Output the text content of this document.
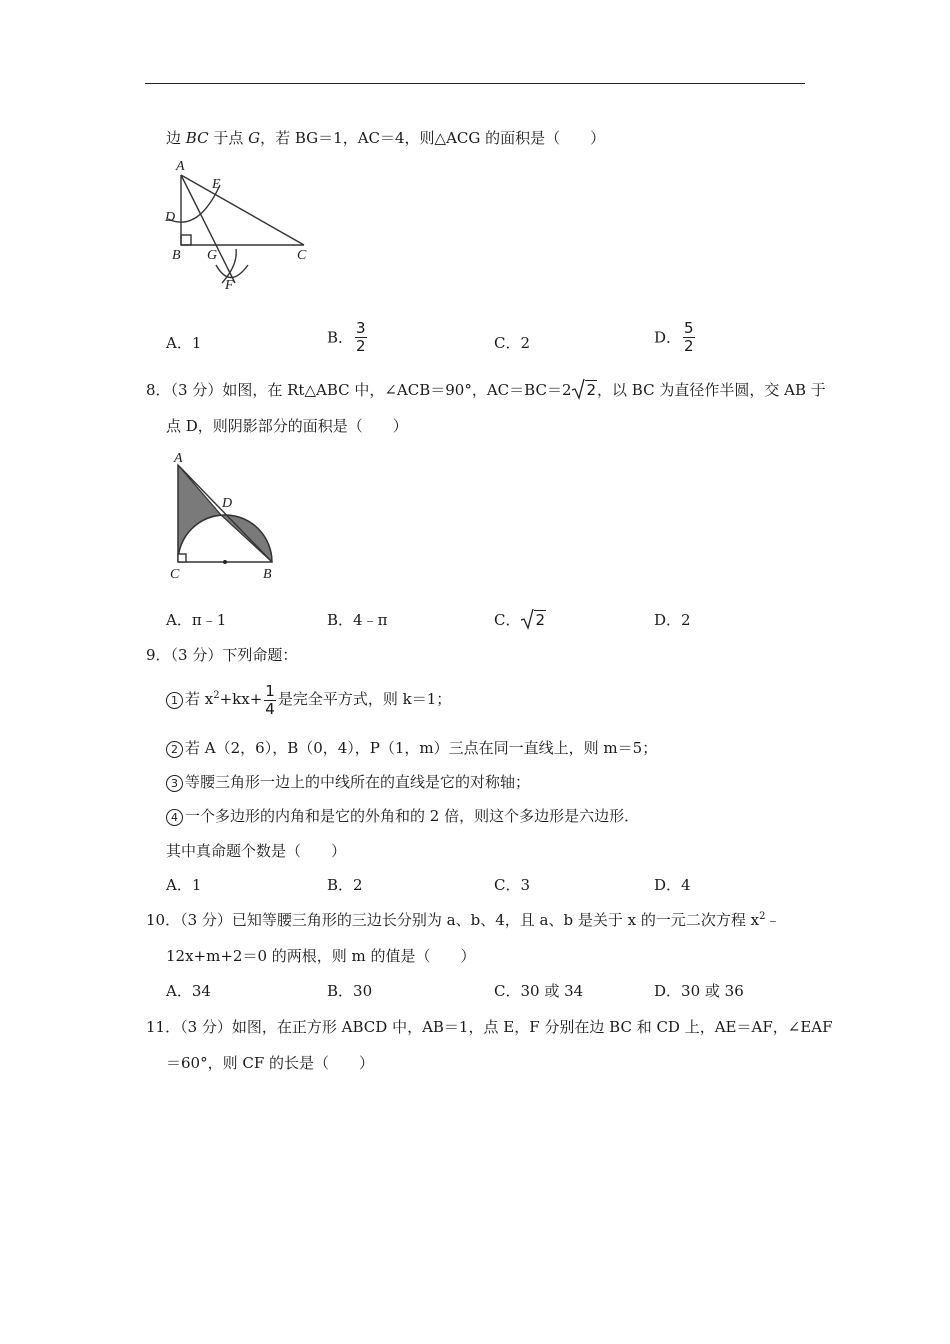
边 BC 于点 G，若 BG＝1，AC＝4，则△ACG 的面积是（　　）
A
E
D
B G	C
F
A．1	B． $\frac{3}{2}$	C．2	D． $\frac{5}{2}$
8．（3 分）如图，在 Rt△ABC 中，∠ACB＝90°，AC＝BC＝2 2，以 BC 为直径作半圆，交 AB 于
点 D，则阴影部分的面积是（　　）
A
D
C	B
A．π﹣1	B．4﹣π	C． 2	D．2
9．（3 分）下列命题：
1 若 $x^2+kx+ \frac{1}{4}$ 是完全平方式，则 k＝1；
2 若 A（2，6），B（0，4），P（1，m）三点在同一直线上，则 m＝5；
3 等腰三角形一边上的中线所在的直线是它的对称轴；
4 一个多边形的内角和是它的外角和的 2 倍，则这个多边形是六边形．
其中真命题个数是（　　）
A．1	B．2	C．3	D．4
10．（3 分）已知等腰三角形的三边长分别为 a、b、4，且 a、b 是关于 x 的一元二次方程 $x^2﹣$
12x+m+2＝0 的两根，则 m 的值是（　　）
A．34	B．30	C．30 或 34	D．30 或 36
11．（3 分）如图，在正方形 ABCD 中，AB＝1，点 E，F 分别在边 BC 和 CD 上，AE＝AF，∠EAF
＝60°，则 CF 的长是（　　）
